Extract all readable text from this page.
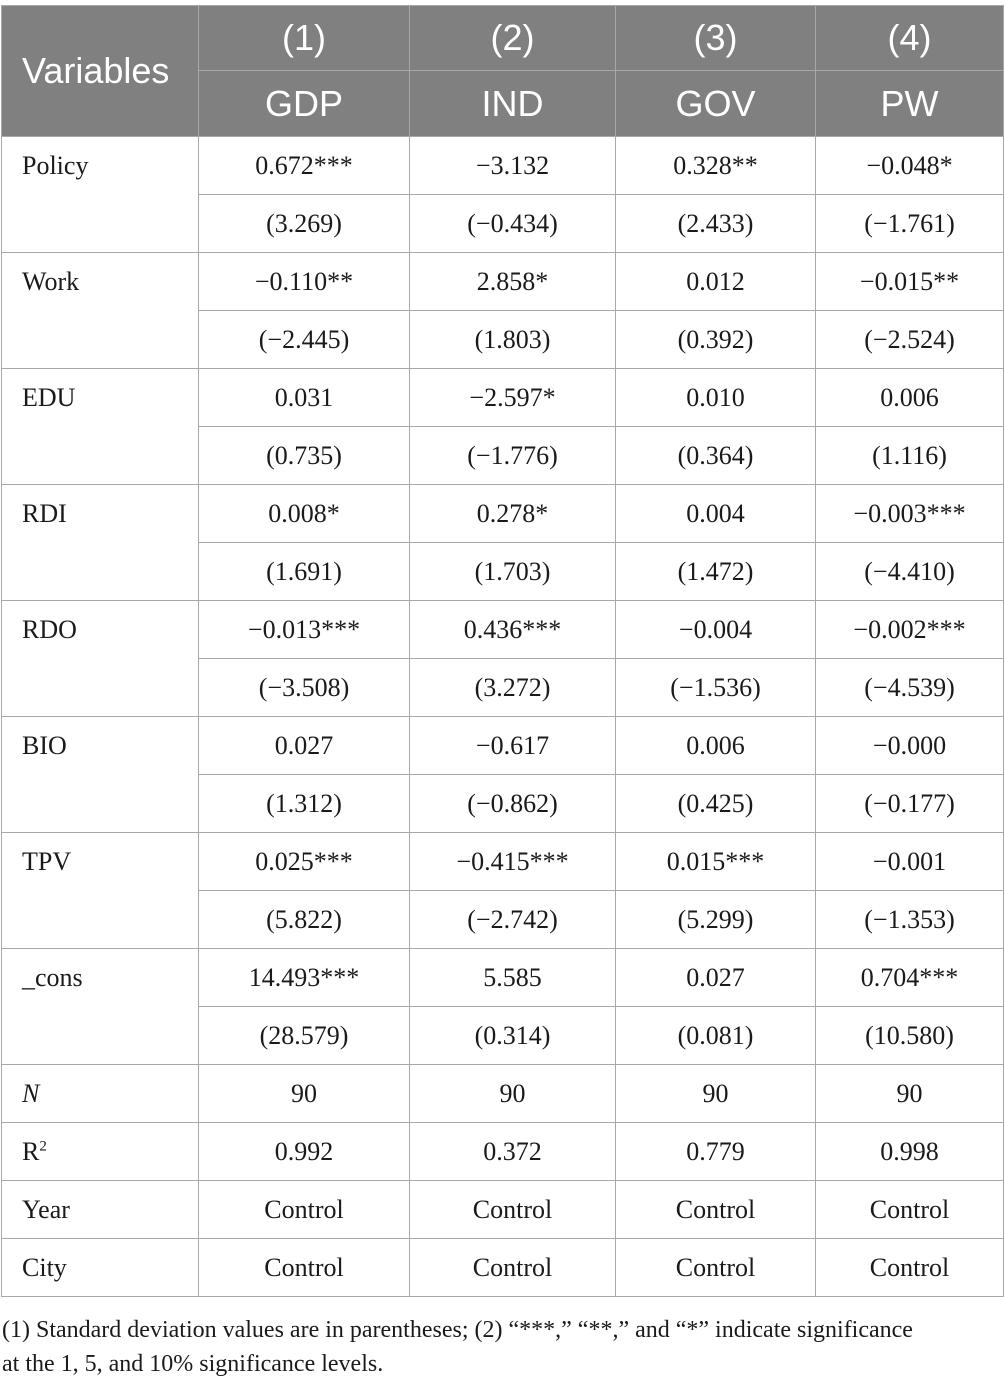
Variables	(1)	(2)	(3)	(4)
	GDP	IND	GOV	PW
Policy	0.672***	−3.132	0.328**	−0.048*
	(3.269)	(−0.434)	(2.433)	(−1.761)
Work	−0.110**	2.858*	0.012	−0.015**
	(−2.445)	(1.803)	(0.392)	(−2.524)
EDU	0.031	−2.597*	0.010	0.006
	(0.735)	(−1.776)	(0.364)	(1.116)
RDI	0.008*	0.278*	0.004	−0.003***
	(1.691)	(1.703)	(1.472)	(−4.410)
RDO	−0.013***	0.436***	−0.004	−0.002***
	(−3.508)	(3.272)	(−1.536)	(−4.539)
BIO	0.027	−0.617	0.006	−0.000
	(1.312)	(−0.862)	(0.425)	(−0.177)
TPV	0.025***	−0.415***	0.015***	−0.001
	(5.822)	(−2.742)	(5.299)	(−1.353)
_cons	14.493***	5.585	0.027	0.704***
	(28.579)	(0.314)	(0.081)	(10.580)
N	90	90	90	90
$R^2$	0.992	0.372	0.779	0.998
Year	Control	Control	Control	Control
City	Control	Control	Control	Control
(1) Standard deviation values are in parentheses; (2) “***,” “**,” and “*” indicate significance
at the 1, 5, and 10% significance levels.
